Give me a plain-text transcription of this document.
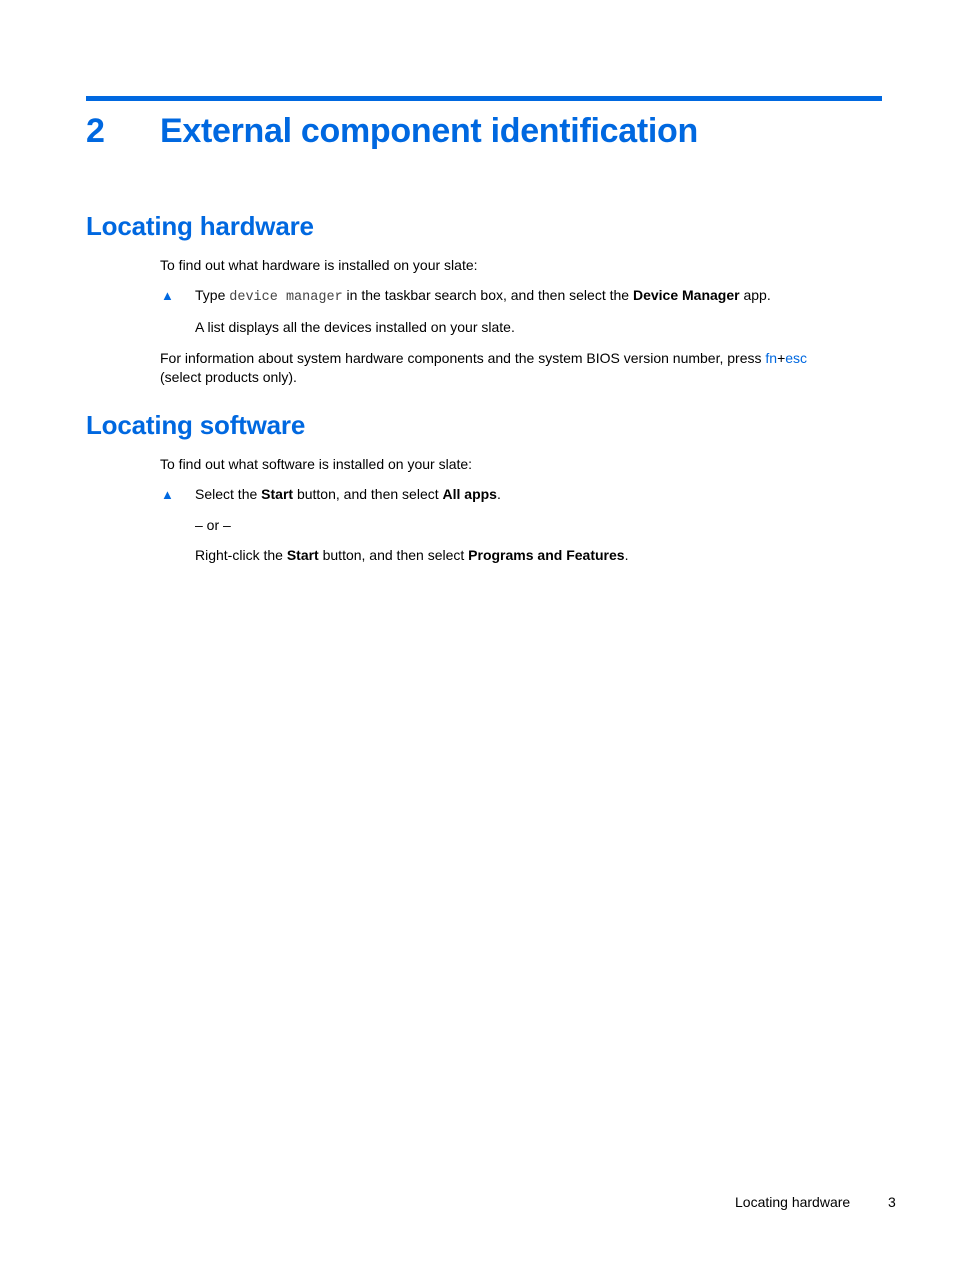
2 External component identification
Locating hardware

To find out what hardware is installed on your slate:

▲ Type device manager in the taskbar search box, and then select the Device Manager app.

A list displays all the devices installed on your slate.

For information about system hardware components and the system BIOS version number, press fn+esc

(select products only).

Locating software

To find out what software is installed on your slate:

▲ Select the Start button, and then select All apps.

– or –

Right-click the Start button, and then select Programs and Features.

Locating hardware	3
